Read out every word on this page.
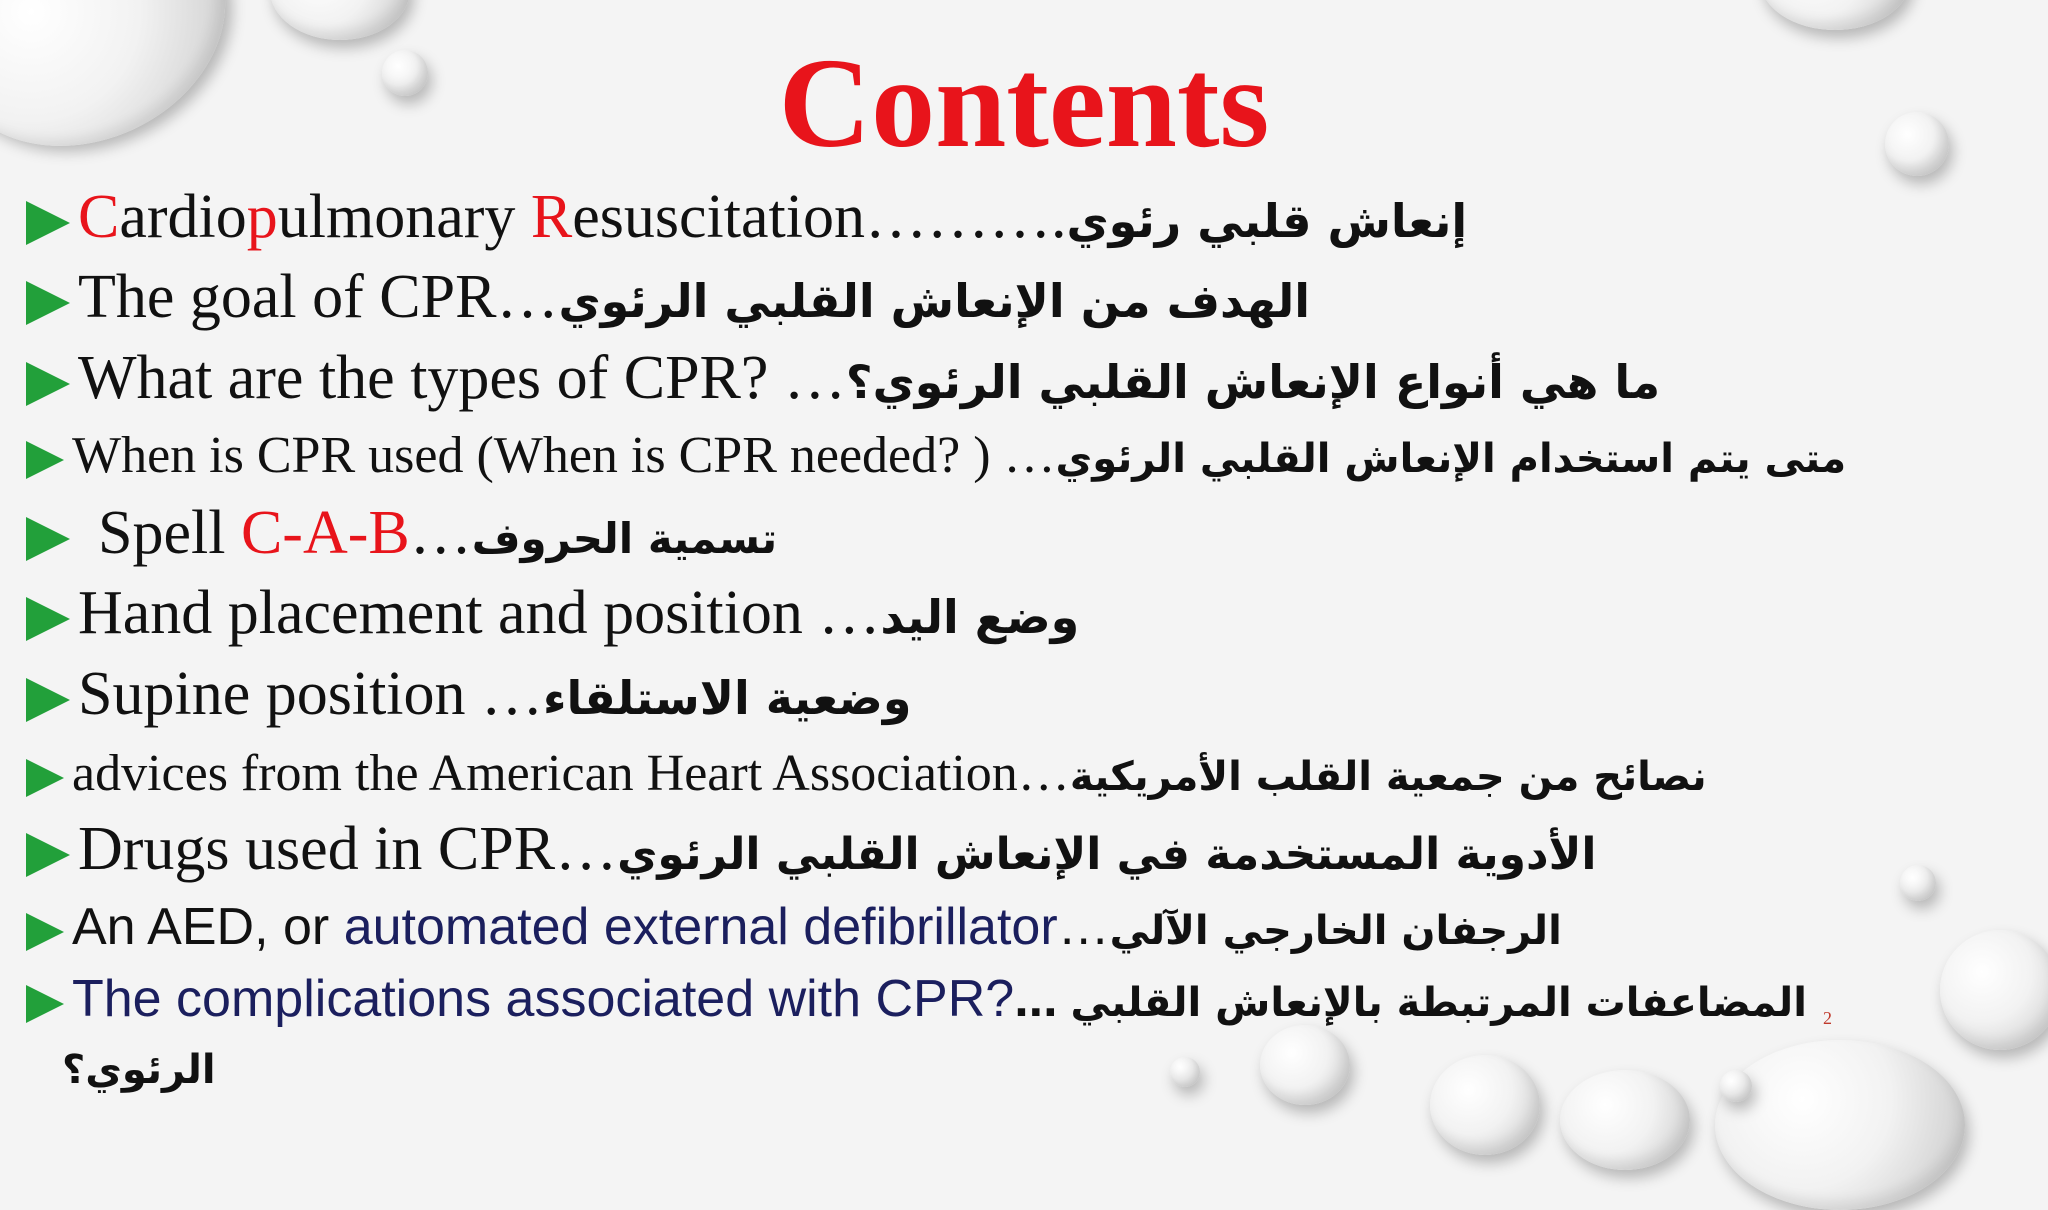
Contents
Cardiopulmonary Resuscitation……….إنعاش قلبي رئوي
The goal of CPR…الهدف من الإنعاش القلبي الرئوي
What are the types of CPR? …ما هي أنواع الإنعاش القلبي الرئوي؟
When is CPR used (When is CPR needed? ) …متى يتم استخدام الإنعاش القلبي الرئوي
Spell C-A-B…تسمية الحروف
Hand placement and position …وضع اليد
Supine position …وضعية الاستلقاء
advices from the American Heart Association…نصائح من جمعية القلب الأمريكية
Drugs used in CPR…الأدوية المستخدمة في الإنعاش القلبي الرئوي
An AED, or automated external defibrillator…الرجفان الخارجي الآلي
The complications associated with CPR?... المضاعفات المرتبطة بالإنعاش القلبي
الرئوي؟
2
